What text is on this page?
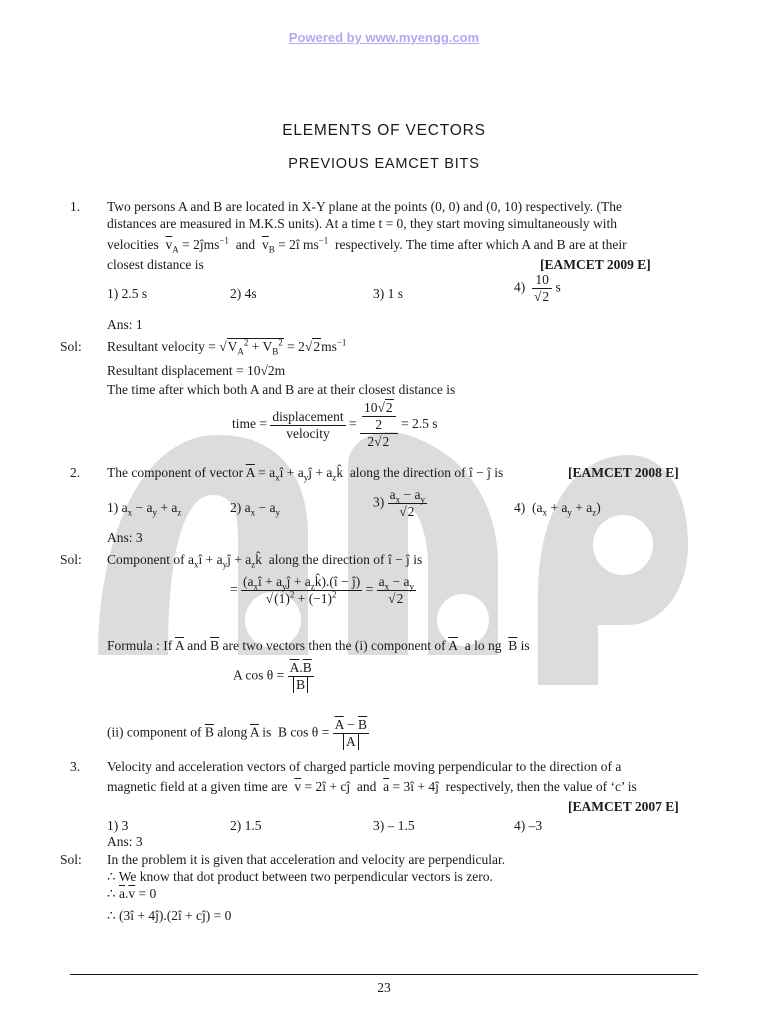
Powered by www.myengg.com
ELEMENTS OF VECTORS
PREVIOUS EAMCET BITS
1. Two persons A and B are located in X-Y plane at the points (0, 0) and (0, 10) respectively. (The
distances are measured in M.K.S units). At a time t = 0, they start moving simultaneously with
velocities $\overline{v}_A$ = 2ĵms$^{-1}$  and  $\overline{v}_B$ = 2î $ms^{-1}$ respectively. The time after which A and B are at their
closest distance is	[EAMCET 2009 E]
1) 2.5 s	2) 4s	3) 1 s	$4) \frac{10}{√2}$ s
Ans: 1
Sol: Resultant velocity = $√V_A^2 + V_B^2 = 2√2ms^{-1}$
Resultant displacement = 10√2m
The time after which both A and B are at their closest distance is
time = $\frac{\text{displacement}}{\text{velocity}} = \frac{\frac{10√2}{2}}{2√2} = 2.5$ s
2. The component of vector $\overline{A}$ = $a_xî$ + $a_yĵ$ + $a_zk̂$  along the direction of î − ĵ is	[EAMCET 2008 E]
1) $a_x - a_y + a_z$	2) $a_x - a_y$
$3) \frac{a_x - a_y}{√2}$	4)  $(a_x + a_y + a_z)$
Ans: 3
Sol: Component of $a_xî$ + $a_yĵ$ + $a_zk̂$  along the direction of î − ĵ is
= $\frac{(a_xî + a_yĵ + a_zk̂).(î - ĵ)}{√(1)^2 + (-1)^2} = \frac{a_x - a_y}{√2}$
Formula : If $\overline{A}$ and $\overline{B}$ are two vectors then the (i) component of $\overline{A}$ a lo ng $\overline{B}$ is
A $\cos \theta = \frac{\overline{A}.\overline{B}}{B}$
(ii) component of $\overline{B}$ along $\overline{A}$ is  B $\cos \theta = \frac{\overline{A} - \overline{B}}{A}$
3. Velocity and acceleration vectors of charged particle moving perpendicular to the direction of a
magnetic field at a given time are $\overline{v}$ = 2î + cĵ  and $\overline{a}$ = 3î + 4ĵ  respectively, then the value of ‘c’ is
[EAMCET 2007 E]
1) 3	2) 1.5	3) – 1.5	4) –3
Ans: 3
Sol: In the problem it is given that acceleration and velocity are perpendicular.
∴ We know that dot product between two perpendicular vectors is zero.
∴ $\overline{a}.\overline{v} = 0$
∴ (3î + 4ĵ).(2î + cĵ) = 0
23
